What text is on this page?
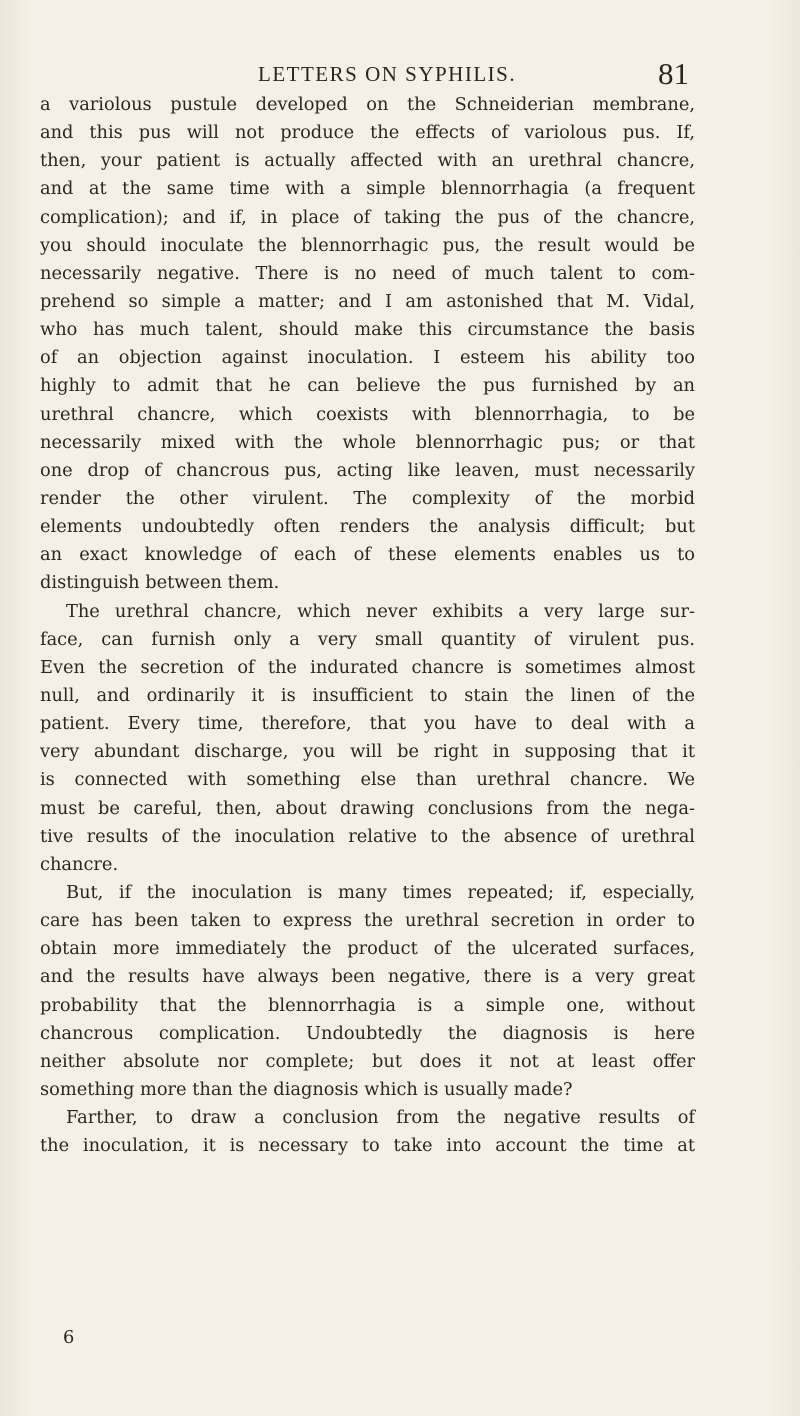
LETTERS ON SYPHILIS.	81
a variolous pustule developed on the Schneiderian membrane,
and this pus will not produce the effects of variolous pus. If,
then, your patient is actually affected with an urethral chancre,
and at the same time with a simple blennorrhagia (a frequent
complication); and if, in place of taking the pus of the chancre,
you should inoculate the blennorrhagic pus, the result would be
necessarily negative. There is no need of much talent to com-
prehend so simple a matter; and I am astonished that M. Vidal,
who has much talent, should make this circumstance the basis
of an objection against inoculation. I esteem his ability too
highly to admit that he can believe the pus furnished by an
urethral chancre, which coexists with blennorrhagia, to be
necessarily mixed with the whole blennorrhagic pus; or that
one drop of chancrous pus, acting like leaven, must necessarily
render the other virulent. The complexity of the morbid
elements undoubtedly often renders the analysis difficult; but
an exact knowledge of each of these elements enables us to
distinguish between them.
The urethral chancre, which never exhibits a very large sur-
face, can furnish only a very small quantity of virulent pus.
Even the secretion of the indurated chancre is sometimes almost
null, and ordinarily it is insufficient to stain the linen of the
patient. Every time, therefore, that you have to deal with a
very abundant discharge, you will be right in supposing that it
is connected with something else than urethral chancre. We
must be careful, then, about drawing conclusions from the nega-
tive results of the inoculation relative to the absence of urethral
chancre.
But, if the inoculation is many times repeated; if, especially,
care has been taken to express the urethral secretion in order to
obtain more immediately the product of the ulcerated surfaces,
and the results have always been negative, there is a very great
probability that the blennorrhagia is a simple one, without
chancrous complication. Undoubtedly the diagnosis is here
neither absolute nor complete; but does it not at least offer
something more than the diagnosis which is usually made?
Farther, to draw a conclusion from the negative results of
the inoculation, it is necessary to take into account the time at
6
